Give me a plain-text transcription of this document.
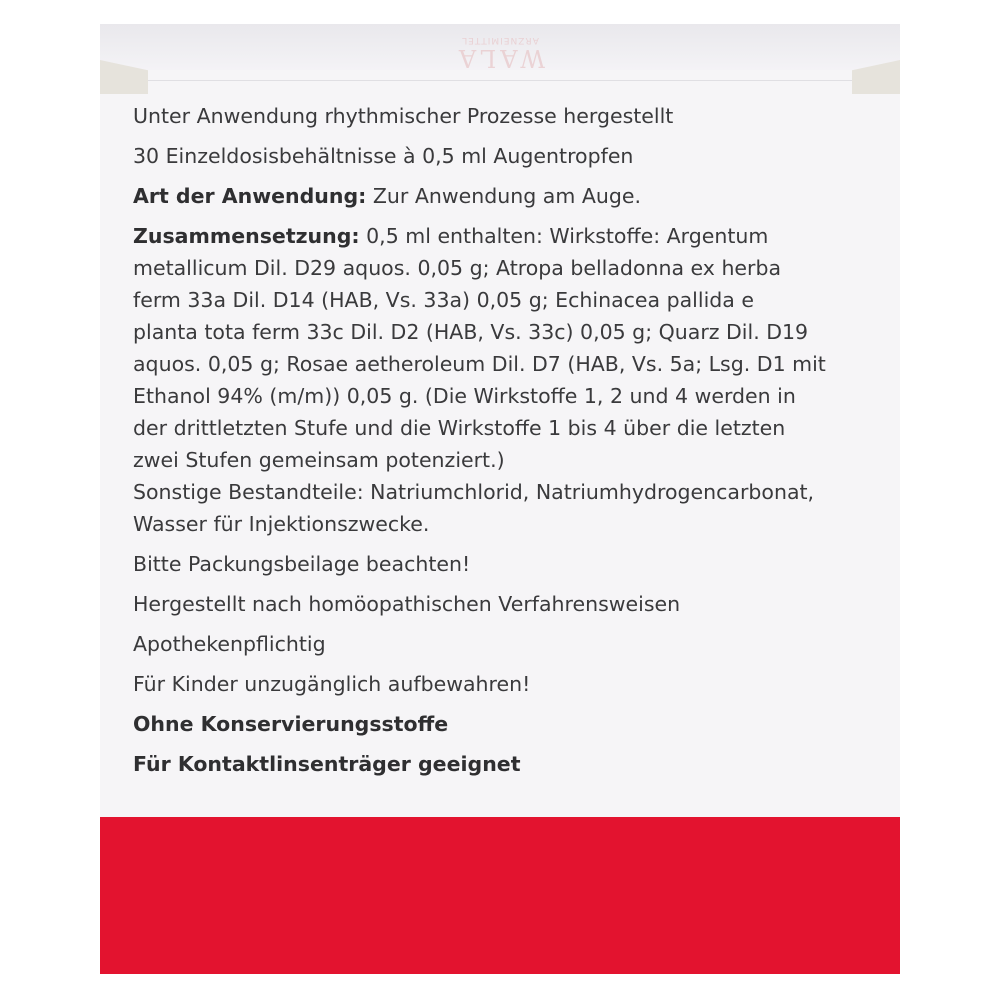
WALA
ARZNEIMITTEL
Unter Anwendung rhythmischer Prozesse hergestellt
30 Einzeldosisbehältnisse à 0,5 ml Augentropfen
Art der Anwendung: Zur Anwendung am Auge.
Zusammensetzung: 0,5 ml enthalten: Wirkstoffe: Argentum
metallicum Dil. D29 aquos. 0,05 g; Atropa belladonna ex herba
ferm 33a Dil. D14 (HAB, Vs. 33a) 0,05 g; Echinacea pallida e
planta tota ferm 33c Dil. D2 (HAB, Vs. 33c) 0,05 g; Quarz Dil. D19
aquos. 0,05 g; Rosae aetheroleum Dil. D7 (HAB, Vs. 5a; Lsg. D1 mit
Ethanol 94% (m/m)) 0,05 g. (Die Wirkstoffe 1, 2 und 4 werden in
der drittletzten Stufe und die Wirkstoffe 1 bis 4 über die letzten
zwei Stufen gemeinsam potenziert.)
Sonstige Bestandteile: Natriumchlorid, Natriumhydrogencarbonat,
Wasser für Injektionszwecke.
Bitte Packungsbeilage beachten!
Hergestellt nach homöopathischen Verfahrensweisen
Apothekenpflichtig
Für Kinder unzugänglich aufbewahren!
Ohne Konservierungsstoffe
Für Kontaktlinsenträger geeignet
